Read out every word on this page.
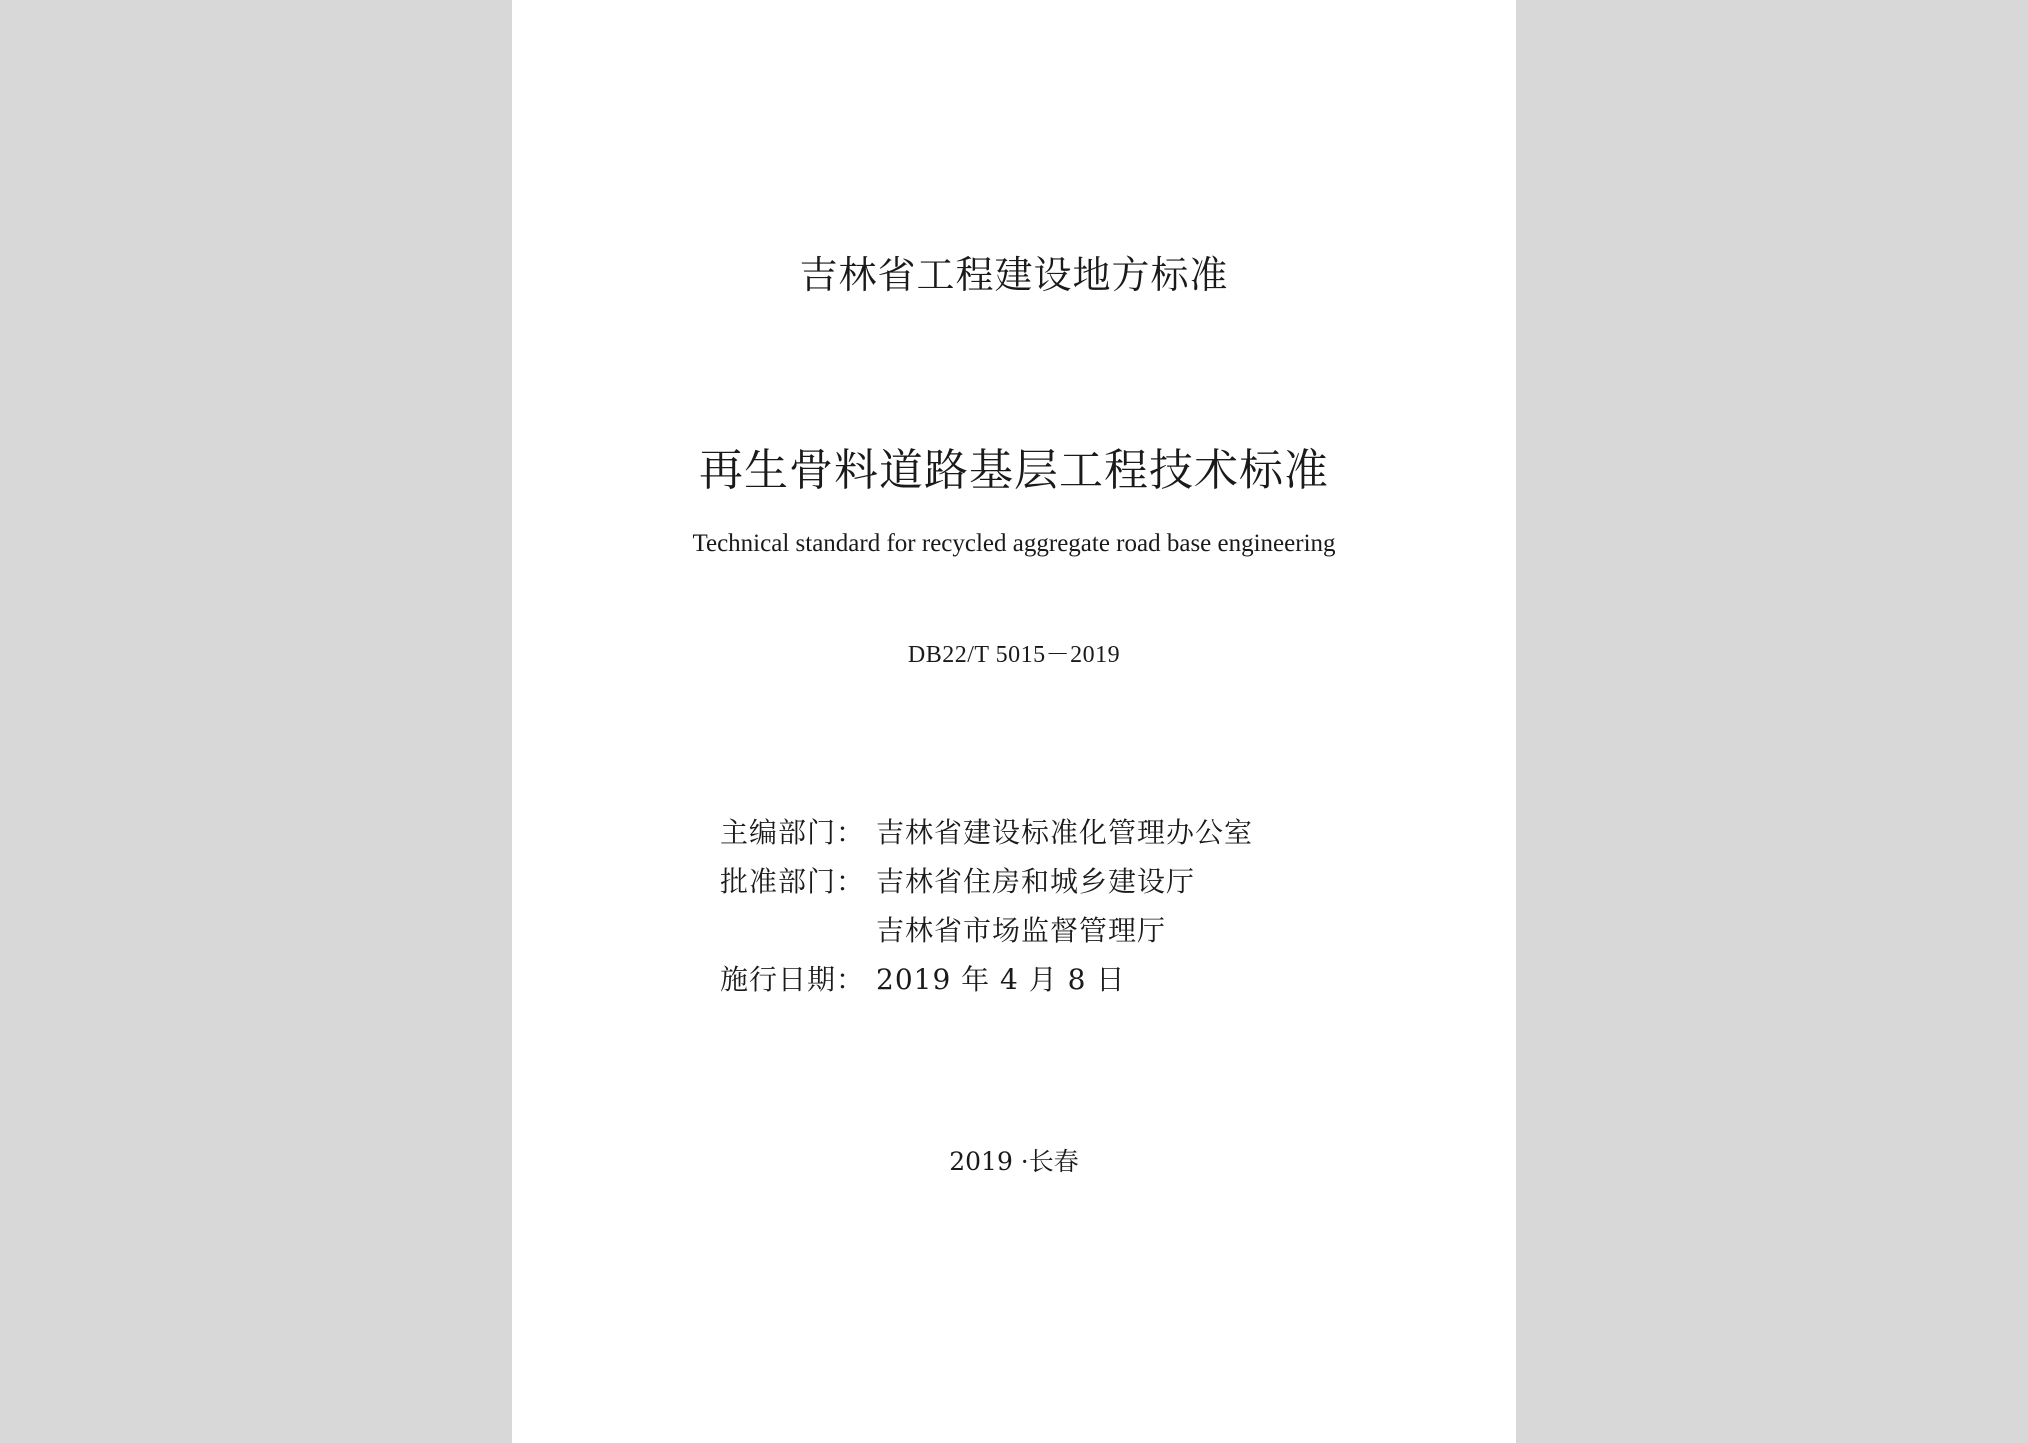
吉林省工程建设地方标准
再生骨料道路基层工程技术标准
Technical standard for recycled aggregate road base engineering
DB22/T 5015－2019
主编部门： 吉林省建设标准化管理办公室
批准部门： 吉林省住房和城乡建设厅
吉林省市场监督管理厅
施行日期： 2019 年 4 月 8 日
2019 ·长春
